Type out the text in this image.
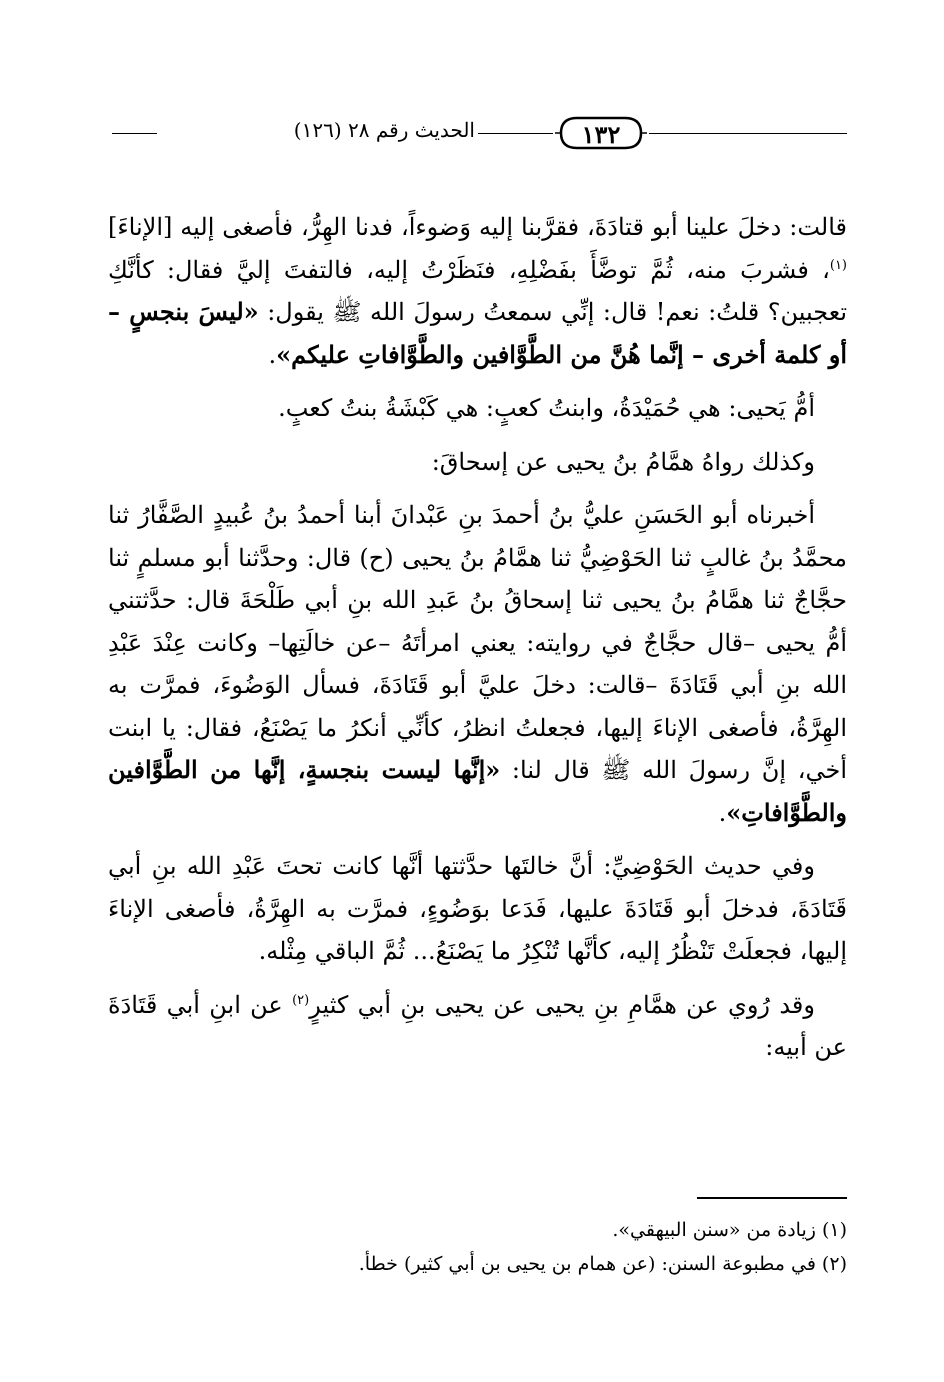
١٣٢
الحديث رقم ٢٨ (١٢٦)

قالت: دخلَ علينا أبو قتادَةَ، فقرَّبنا إليه وَضوءاً، فدنا الهِرُّ، فأصغى إليه [الإناءَ]$^{(١)}$، فشربَ منه، ثُمَّ توضَّأَ بفَضْلِهِ، فنَظَرْتُ إليه، فالتفتَ إليَّ فقال: كأنَّكِ تعجبين؟ قلتُ: نعم! قال: إنِّي سمعتُ رسولَ الله ﷺ يقول: «ليسَ بنجسٍ – أو كلمة أخرى – إنَّما هُنَّ من الطَّوَّافين والطَّوَّافاتِ عليكم».

أمُّ يَحيى: هي حُمَيْدَةُ، وابنتُ كعبٍ: هي كَبْشَةُ بنتُ كعبٍ.

وكذلك رواهُ همَّامُ بنُ يحيى عن إسحاقَ:

أخبرناه أبو الحَسَنِ عليُّ بنُ أحمدَ بنِ عَبْدانَ أبنا أحمدُ بنُ عُبيدٍ الصَّفَّارُ ثنا محمَّدُ بنُ غالبٍ ثنا الحَوْضِيُّ ثنا همَّامُ بنُ يحيى (ح) قال: وحدَّثنا أبو مسلمٍ ثنا حجَّاجٌ ثنا همَّامُ بنُ يحيى ثنا إسحاقُ بنُ عَبدِ الله بنِ أبي طَلْحَةَ قال: حدَّثتني أمُّ يحيى –قال حجَّاجٌ في روايته: يعني امرأتَهُ –عن خالَتِها– وكانت عِنْدَ عَبْدِ الله بنِ أبي قَتَادَةَ –قالت: دخلَ عليَّ أبو قَتَادَةَ، فسأل الوَضُوءَ، فمرَّت به الهِرَّةُ، فأصغى الإناءَ إليها، فجعلتُ انظرُ، كأنِّي أنكرُ ما يَصْنَعُ، فقال: يا ابنت أخي، إنَّ رسولَ الله ﷺ قال لنا: «إنَّها ليست بنجسةٍ، إنَّها من الطَّوَّافين والطَّوَّافاتِ».

وفي حديث الحَوْضِيِّ: أنَّ خالتَها حدَّثتها أنَّها كانت تحتَ عَبْدِ الله بنِ أبي قَتَادَةَ، فدخلَ أبو قَتَادَةَ عليها، فَدَعا بوَضُوءٍ، فمرَّت به الهِرَّةُ، فأصغى الإناءَ إليها، فجعلَتْ تَنْظُرُ إليه، كأنَّها تُنْكِرُ ما يَصْنَعُ... ثُمَّ الباقي مِثْله.

وقد رُوي عن همَّامِ بنِ يحيى عن يحيى بنِ أبي كثيرٍ$^{(٢)}$ عن ابنِ أبي قَتَادَةَ عن أبيه:

(١) زيادة من «سنن البيهقي».

(٢) في مطبوعة السنن: (عن همام بن يحيى بن أبي كثير) خطأ.
